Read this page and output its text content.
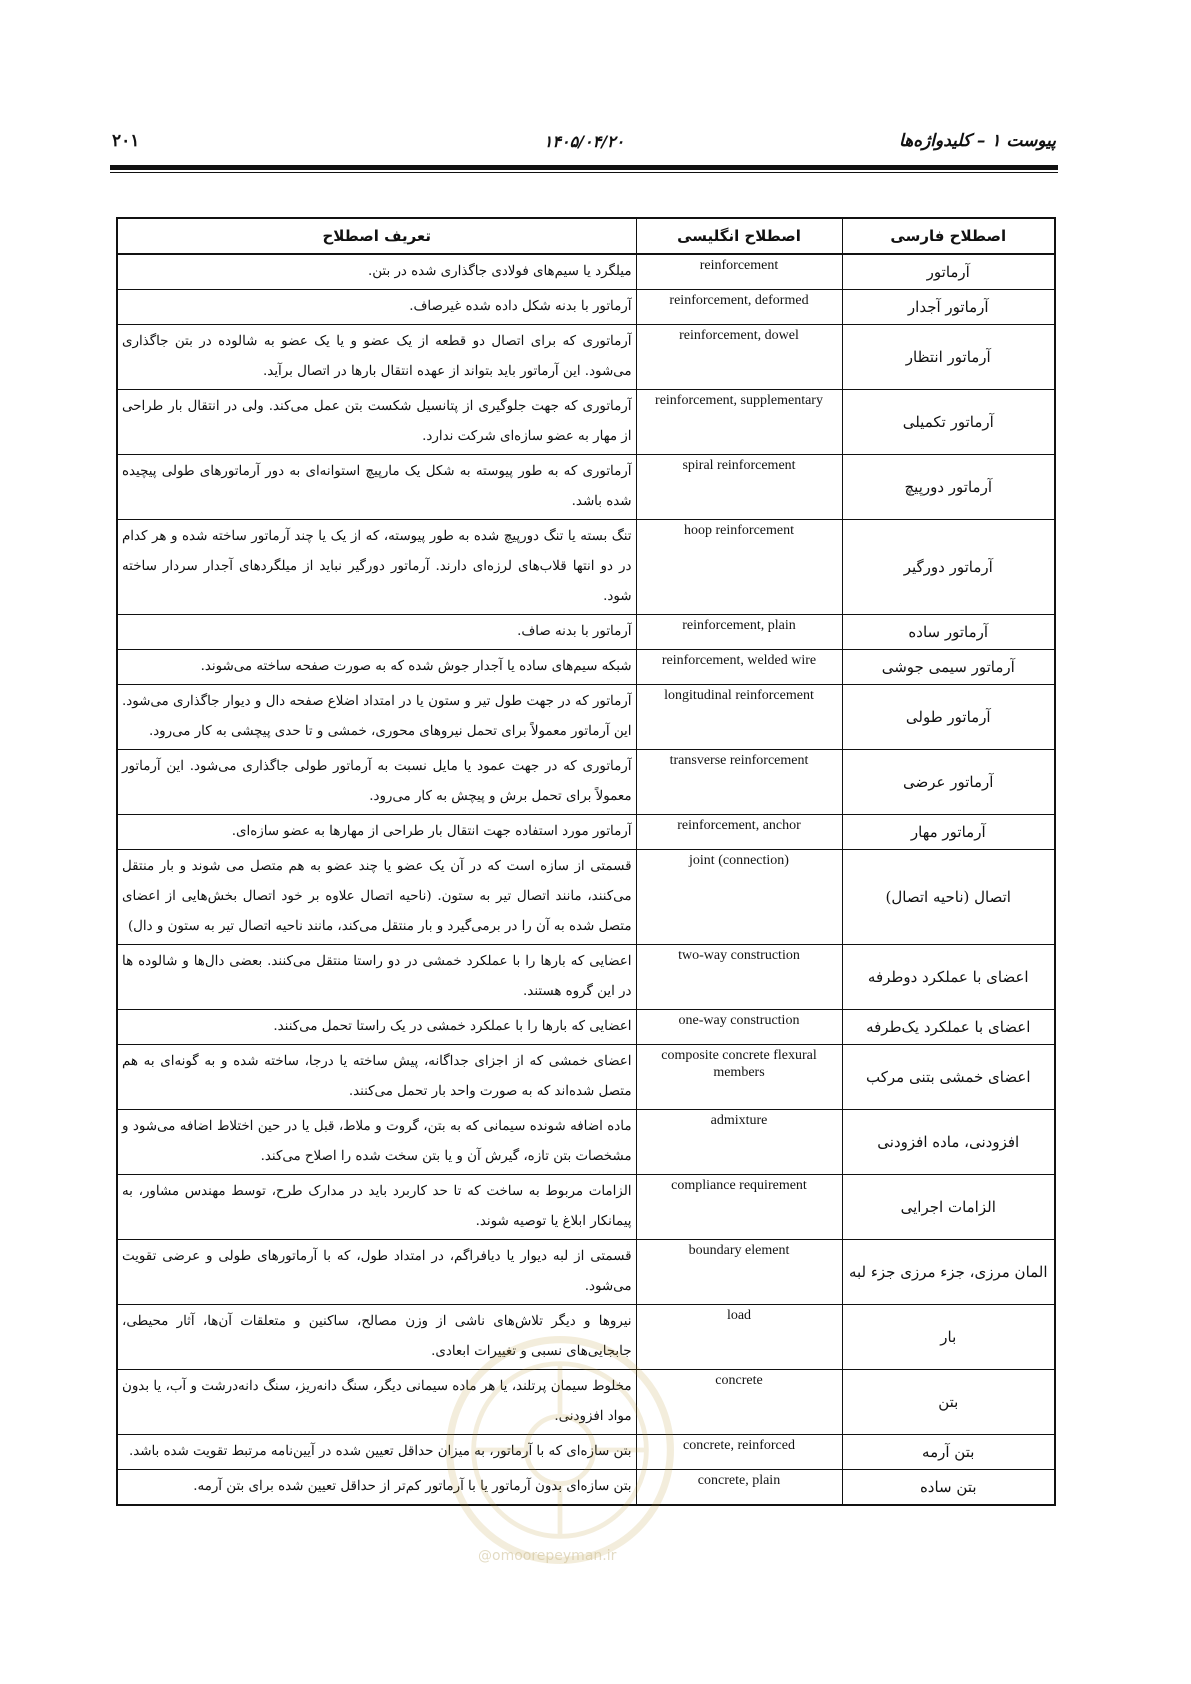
پیوست ۱ – کلیدواژه‌ها
۱۴۰۵/۰۴/۲۰
۲۰۱
اصطلاح فارسی	اصطلاح انگلیسی	تعریف اصطلاح
آرماتور	reinforcement	میلگرد یا سیم‌های فولادی جاگذاری شده در بتن.
آرماتور آجدار	reinforcement, deformed	آرماتور با بدنه شکل داده شده غیرصاف.
آرماتور انتظار	reinforcement, dowel	آرماتوری که برای اتصال دو قطعه از یک عضو و یا یک عضو به شالوده در بتن جاگذاری می‌شود. این آرماتور باید بتواند از عهده انتقال بارها در اتصال برآید.
آرماتور تکمیلی	reinforcement, supplementary	آرماتوری که جهت جلوگیری از پتانسیل شکست بتن عمل می‌کند. ولی در انتقال بار طراحی از مهار به عضو سازه‌ای شرکت ندارد.
آرماتور دورپیچ	spiral reinforcement	آرماتوری که به طور پیوسته به شکل یک مارپیچ استوانه‌ای به دور آرماتورهای طولی پیچیده شده باشد.
آرماتور دورگیر	hoop reinforcement	تنگ بسته یا تنگ دورپیچ شده به طور پیوسته، که از یک یا چند آرماتور ساخته شده و هر کدام در دو انتها قلاب‌های لرزه‌ای دارند. آرماتور دورگیر نباید از میلگردهای آجدار سردار ساخته شود.
آرماتور ساده	reinforcement, plain	آرماتور با بدنه صاف.
آرماتور سیمی جوشی	reinforcement, welded wire	شبکه سیم‌های ساده یا آجدار جوش شده که به صورت صفحه ساخته می‌شوند.
آرماتور طولی	longitudinal reinforcement	آرماتور که در جهت طول تیر و ستون یا در امتداد اضلاع صفحه دال و دیوار جاگذاری می‌شود. این آرماتور معمولاً برای تحمل نیروهای محوری، خمشی و تا حدی پیچشی به کار می‌رود.
آرماتور عرضی	transverse reinforcement	آرماتوری که در جهت عمود یا مایل نسبت به آرماتور طولی جاگذاری می‌شود. این آرماتور معمولاً برای تحمل برش و پیچش به کار می‌رود.
آرماتور مهار	reinforcement, anchor	آرماتور مورد استفاده جهت انتقال بار طراحی از مهارها به عضو سازه‌ای.
اتصال (ناحیه اتصال)	joint (connection)	قسمتی از سازه است که در آن یک عضو یا چند عضو به هم متصل می شوند و بار منتقل می‌کنند، مانند اتصال تیر به ستون. (ناحیه اتصال علاوه بر خود اتصال بخش‌هایی از اعضای متصل شده به آن را در برمی‌گیرد و بار منتقل می‌کند، مانند ناحیه اتصال تیر به ستون و دال)
اعضای با عملکرد دوطرفه	two-way construction	اعضایی که بارها را با عملکرد خمشی در دو راستا منتقل می‌کنند. بعضی دال‌ها و شالوده ها در این گروه هستند.
اعضای با عملکرد یک‌طرفه	one-way construction	اعضایی که بارها را با عملکرد خمشی در یک راستا تحمل می‌کنند.
اعضای خمشی بتنی مرکب	composite concrete flexural members	اعضای خمشی که از اجزای جداگانه، پیش ساخته یا درجا، ساخته شده و به گونه‌ای به هم متصل شده‌اند که به صورت واحد بار تحمل می‌کنند.
افزودنی، ماده افزودنی	admixture	ماده اضافه شونده سیمانی که به بتن، گروت و ملاط، قبل یا در حین اختلاط اضافه می‌شود و مشخصات بتن تازه، گیرش آن و یا بتن سخت شده را اصلاح می‌کند.
الزامات اجرایی	compliance requirement	الزامات مربوط به ساخت که تا حد کاربرد باید در مدارک طرح، توسط مهندس مشاور، به پیمانکار ابلاغ یا توصیه شوند.
المان مرزی، جزء مرزی جزء لبه	boundary element	قسمتی از لبه دیوار یا دیافراگم، در امتداد طول، که با آرماتورهای طولی و عرضی تقویت می‌شود.
بار	load	نیروها و دیگر تلاش‌های ناشی از وزن مصالح، ساکنین و متعلقات آن‌ها، آثار محیطی، جابجایی‌های نسبی و تغییرات ابعادی.
بتن	concrete	مخلوط سیمان پرتلند، یا هر ماده سیمانی دیگر، سنگ دانه‌ریز، سنگ دانه‌درشت و آب، یا بدون مواد افزودنی.
بتن آرمه	concrete, reinforced	بتن سازه‌ای که با آرماتور، به میزان حداقل تعیین شده در آیین‌نامه مرتبط تقویت شده باشد.
بتن ساده	concrete, plain	بتن سازه‌ای بدون آرماتور یا با آرماتور کم‌تر از حداقل تعیین شده برای بتن آرمه.
@omoorepeyman.ir
